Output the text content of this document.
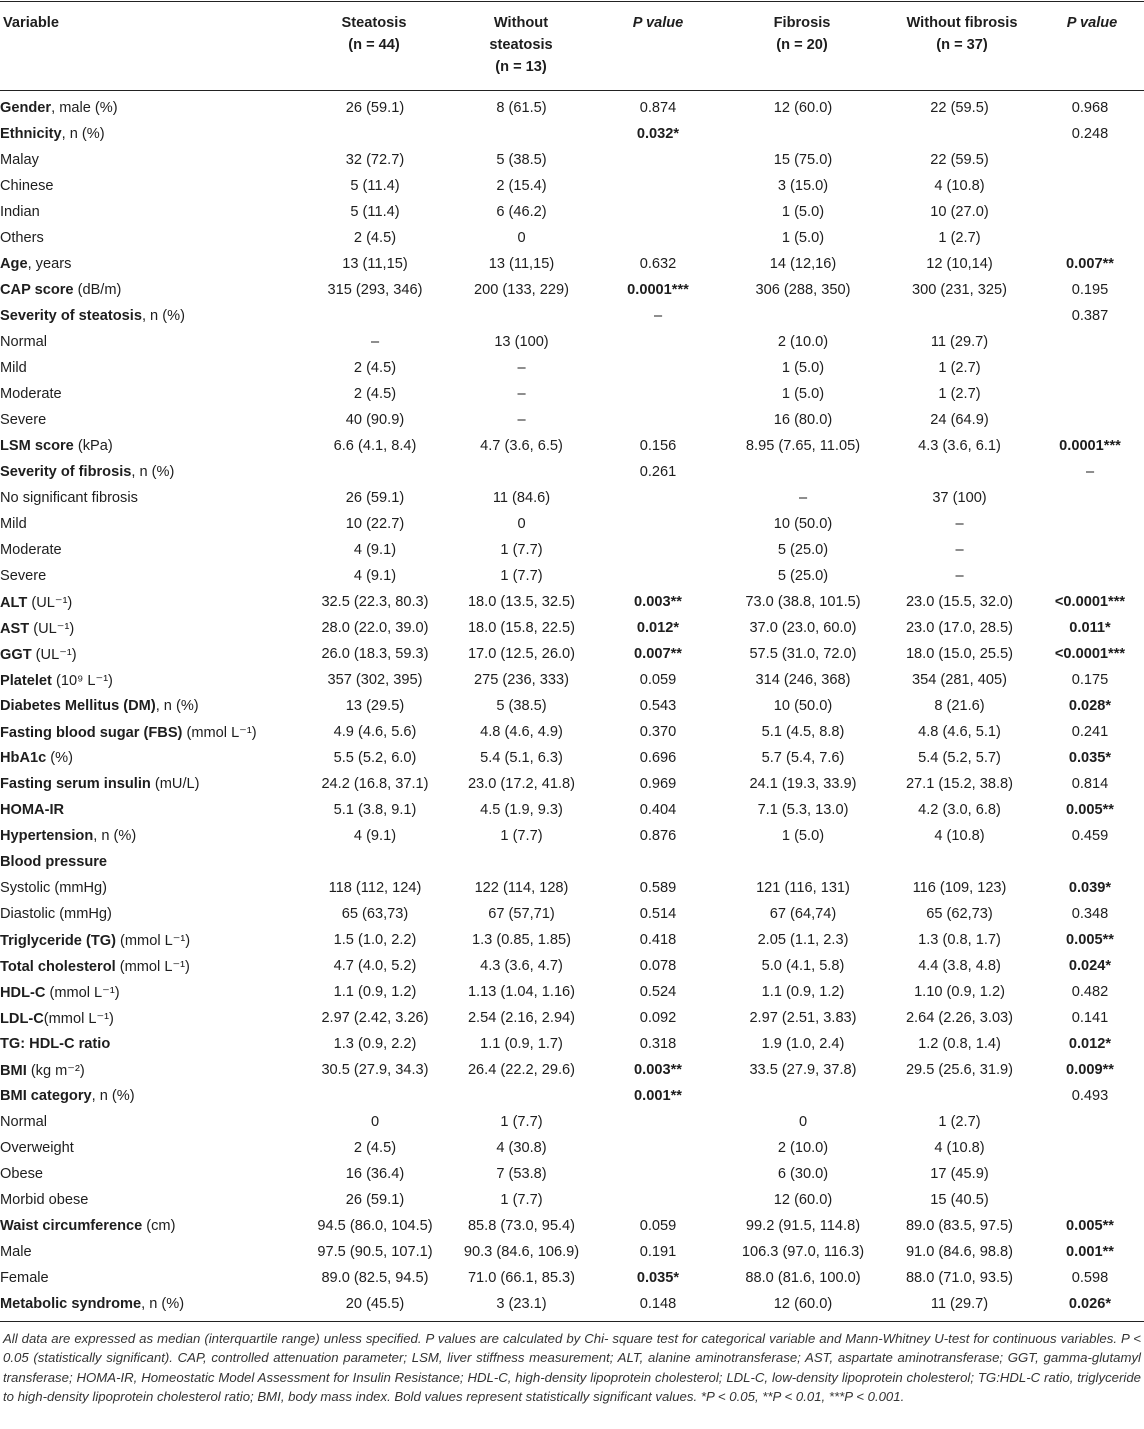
Variable	Steatosis
(n = 44)
Without
steatosis
(n = 13)
P value	Fibrosis
(n = 20)
Without fibrosis
(n = 37)
P value
Gender, male (%)	26 (59.1)	8 (61.5)	0.874	12 (60.0)	22 (59.5)	0.968
Ethnicity, n (%)			0.032*			0.248
Malay	32 (72.7)	5 (38.5)		15 (75.0)	22 (59.5)	
Chinese	5 (11.4)	2 (15.4)		3 (15.0)	4 (10.8)	
Indian	5 (11.4)	6 (46.2)		1 (5.0)	10 (27.0)	
Others	2 (4.5)	0		1 (5.0)	1 (2.7)	
Age, years	13 (11,15)	13 (11,15)	0.632	14 (12,16)	12 (10,14)	0.007**
CAP score (dB/m)	315 (293, 346)	200 (133, 229)	0.0001***	306 (288, 350)	300 (231, 325)	0.195
Severity of steatosis, n (%)			–			0.387
Normal	–	13 (100)		2 (10.0)	11 (29.7)	
Mild	2 (4.5)	–		1 (5.0)	1 (2.7)	
Moderate	2 (4.5)	–		1 (5.0)	1 (2.7)	
Severe	40 (90.9)	–		16 (80.0)	24 (64.9)	
LSM score (kPa)	6.6 (4.1, 8.4)	4.7 (3.6, 6.5)	0.156	8.95 (7.65, 11.05)	4.3 (3.6, 6.1)	0.0001***
Severity of fibrosis, n (%)			0.261			–
No significant fibrosis	26 (59.1)	11 (84.6)		–	37 (100)	
Mild	10 (22.7)	0		10 (50.0)	–	
Moderate	4 (9.1)	1 (7.7)		5 (25.0)	–	
Severe	4 (9.1)	1 (7.7)		5 (25.0)	–	
ALT (UL⁻¹)	32.5 (22.3, 80.3)	18.0 (13.5, 32.5)	0.003**	73.0 (38.8, 101.5)	23.0 (15.5, 32.0)	<0.0001***
AST (UL⁻¹)	28.0 (22.0, 39.0)	18.0 (15.8, 22.5)	0.012*	37.0 (23.0, 60.0)	23.0 (17.0, 28.5)	0.011*
GGT (UL⁻¹)	26.0 (18.3, 59.3)	17.0 (12.5, 26.0)	0.007**	57.5 (31.0, 72.0)	18.0 (15.0, 25.5)	<0.0001***
Platelet (10⁹ L⁻¹)	357 (302, 395)	275 (236, 333)	0.059	314 (246, 368)	354 (281, 405)	0.175
Diabetes Mellitus (DM), n (%)	13 (29.5)	5 (38.5)	0.543	10 (50.0)	8 (21.6)	0.028*
Fasting blood sugar (FBS) (mmol L⁻¹)	4.9 (4.6, 5.6)	4.8 (4.6, 4.9)	0.370	5.1 (4.5, 8.8)	4.8 (4.6, 5.1)	0.241
HbA1c (%)	5.5 (5.2, 6.0)	5.4 (5.1, 6.3)	0.696	5.7 (5.4, 7.6)	5.4 (5.2, 5.7)	0.035*
Fasting serum insulin (mU/L)	24.2 (16.8, 37.1)	23.0 (17.2, 41.8)	0.969	24.1 (19.3, 33.9)	27.1 (15.2, 38.8)	0.814
HOMA-IR	5.1 (3.8, 9.1)	4.5 (1.9, 9.3)	0.404	7.1 (5.3, 13.0)	4.2 (3.0, 6.8)	0.005**
Hypertension, n (%)	4 (9.1)	1 (7.7)	0.876	1 (5.0)	4 (10.8)	0.459
Blood pressure						
Systolic (mmHg)	118 (112, 124)	122 (114, 128)	0.589	121 (116, 131)	116 (109, 123)	0.039*
Diastolic (mmHg)	65 (63,73)	67 (57,71)	0.514	67 (64,74)	65 (62,73)	0.348
Triglyceride (TG) (mmol L⁻¹)	1.5 (1.0, 2.2)	1.3 (0.85, 1.85)	0.418	2.05 (1.1, 2.3)	1.3 (0.8, 1.7)	0.005**
Total cholesterol (mmol L⁻¹)	4.7 (4.0, 5.2)	4.3 (3.6, 4.7)	0.078	5.0 (4.1, 5.8)	4.4 (3.8, 4.8)	0.024*
HDL-C (mmol L⁻¹)	1.1 (0.9, 1.2)	1.13 (1.04, 1.16)	0.524	1.1 (0.9, 1.2)	1.10 (0.9, 1.2)	0.482
LDL-C(mmol L⁻¹)	2.97 (2.42, 3.26)	2.54 (2.16, 2.94)	0.092	2.97 (2.51, 3.83)	2.64 (2.26, 3.03)	0.141
TG: HDL-C ratio	1.3 (0.9, 2.2)	1.1 (0.9, 1.7)	0.318	1.9 (1.0, 2.4)	1.2 (0.8, 1.4)	0.012*
BMI (kg m⁻²)	30.5 (27.9, 34.3)	26.4 (22.2, 29.6)	0.003**	33.5 (27.9, 37.8)	29.5 (25.6, 31.9)	0.009**
BMI category, n (%)			0.001**			0.493
Normal	0	1 (7.7)		0	1 (2.7)	
Overweight	2 (4.5)	4 (30.8)		2 (10.0)	4 (10.8)	
Obese	16 (36.4)	7 (53.8)		6 (30.0)	17 (45.9)	
Morbid obese	26 (59.1)	1 (7.7)		12 (60.0)	15 (40.5)	
Waist circumference (cm)	94.5 (86.0, 104.5)	85.8 (73.0, 95.4)	0.059	99.2 (91.5, 114.8)	89.0 (83.5, 97.5)	0.005**
Male	97.5 (90.5, 107.1)	90.3 (84.6, 106.9)	0.191	106.3 (97.0, 116.3)	91.0 (84.6, 98.8)	0.001**
Female	89.0 (82.5, 94.5)	71.0 (66.1, 85.3)	0.035*	88.0 (81.6, 100.0)	88.0 (71.0, 93.5)	0.598
Metabolic syndrome, n (%)	20 (45.5)	3 (23.1)	0.148	12 (60.0)	11 (29.7)	0.026*
All data are expressed as median (interquartile range) unless specified. P values are calculated by Chi- square test for categorical variable and Mann-Whitney U-test for continuous variables. P < 0.05 (statistically significant). CAP, controlled attenuation parameter; LSM, liver stiffness measurement; ALT, alanine aminotransferase; AST, aspartate aminotransferase; GGT, gamma-glutamyl transferase; HOMA-IR, Homeostatic Model Assessment for Insulin Resistance; HDL-C, high-density lipoprotein cholesterol; LDL-C, low-density lipoprotein cholesterol; TG:HDL-C ratio, triglyceride to high-density lipoprotein cholesterol ratio; BMI, body mass index. Bold values represent statistically significant values. *P < 0.05, **P < 0.01, ***P < 0.001.
